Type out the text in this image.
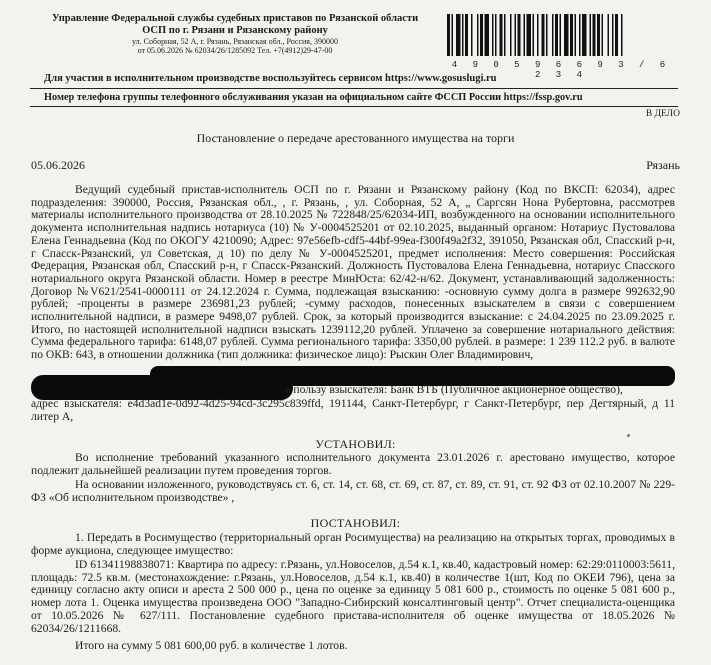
Управление Федеральной службы судебных приставов по Рязанской области
ОСП по г. Рязани и Рязанскому району
ул. Соборная, 52 А, г. Рязань, Рязанская обл., Россия, 390000
от 05.06.2026 № 62034/26/1285092 Тел. +7(4912)29-47-00
4 9 0 5 9 6 6 9 3 / 6 2 3 4
Для участия в исполнительном производстве воспользуйтесь сервисом https://www.gosuslugi.ru
Номер телефона группы телефонного обслуживания указан на официальном сайте ФССП России https://fssp.gov.ru
В ДЕЛО
Постановление о передаче арестованного имущества на торги
05.06.2026	Рязань
Ведущий судебный пристав-исполнитель ОСП по г. Рязани и Рязанскому району (Код по ВКСП: 62034), адрес подразделения: 390000, Россия, Рязанская обл., , г. Рязань, , ул. Соборная, 52 А, „ Саргсян Нона Рубертовна, рассмотрев материалы исполнительного производства от 28.10.2025 № 722848/25/62034-ИП, возбужденного на основании исполнительного документа исполнительная надпись нотариуса (10) № У-0004525201 от 02.10.2025, выданный органом: Нотариус Пустовалова Елена Геннадьевна (Код по ОКОГУ 4210090; Адрес: 97e56efb-cdf5-44bf-99ea-f300f49a2f32, 391050, Рязанская обл, Спасский р-н, г Спасск-Рязанский, ул Советская, д 10) по делу № У-0004525201, предмет исполнения: Место совершения: Российская Федерация, Рязанская обл, Спасский р-н, г Спасск-Рязанский. Должность Пустовалова Елена Геннадьевна, нотариус Спасского нотариального округа Рязанской области. Номер в реестре МинЮста: 62/42-н/62. Документ, устанавливающий задолженность: Договор №V621/2541-0000111 от 24.12.2024 г. Сумма, подлежащая взысканию: -основную сумму долга в размере 992632,90 рублей; -проценты в размере 236981,23 рублей; -сумму расходов, понесенных взыскателем в связи с совершением исполнительной надписи, в размере 9498,07 рублей. Срок, за который производится взыскание: с 24.04.2025 по 23.09.2025 г. Итого, по настоящей исполнительной надписи взыскать 1239112,20 рублей. Уплачено за совершение нотариального действия: Сумма федерального тарифа: 6148,07 рублей. Сумма регионального тарифа: 3350,00 рублей. в размере: 1 239 112.2 руб. в валюте по ОКВ: 643, в отношении должника (тип должника: физическое лицо): Рыскин Олег Владимирович,
в пользу взыскателя: Банк ВТБ (Публичное акционерное общество),
адрес взыскателя: e4d3ad1e-0d92-4d25-94cd-3c295c839ffd, 191144, Санкт-Петербург, г Санкт-Петербург, пер Дегтярный, д 11 литер А,
УСТАНОВИЛ:
Во исполнение требований указанного исполнительного документа 23.01.2026 г. арестовано имущество, которое подлежит дальнейшей реализации путем проведения торгов.
На основании изложенного, руководствуясь ст. 6, ст. 14, ст. 68, ст. 69, ст. 87, ст. 89, ст. 91, ст. 92 ФЗ от 02.10.2007 № 229-ФЗ «Об исполнительном производстве» ,
ПОСТАНОВИЛ:
1. Передать в Росимущество (территориальный орган Росимущества) на реализацию на открытых торгах, проводимых в форме аукциона, следующее имущество:
ID 61341198838071: Квартира по адресу: г.Рязань, ул.Новоселов, д.54 к.1, кв.40, кадастровый номер: 62:29:0110003:5611, площадь: 72.5 кв.м. (местонахождение: г.Рязань, ул.Новоселов, д.54 к.1, кв.40) в количестве 1(шт, Код по ОКЕИ 796), цена за единицу согласно акту описи и ареста 2 500 000 р., цена по оценке за единицу 5 081 600 р., стоимость по оценке 5 081 600 р., номер лота 1. Оценка имущества произведена ООО "Западно-Сибирский консалтинговый центр". Отчет специалиста-оценщика от 10.05.2026 № 627/111. Постановление судебного пристава-исполнителя об оценке имущества от 18.05.2026 № 62034/26/1211668.
Итого на сумму 5 081 600,00 руб. в количестве 1 лотов.
